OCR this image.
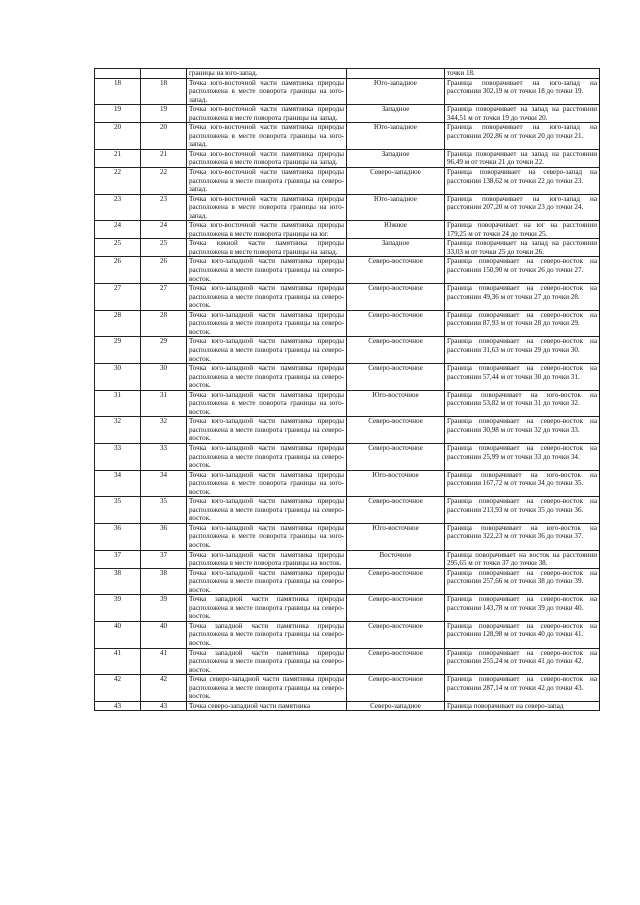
		границы на юго-запад.		точки 18.
18	18	Точка юго-восточной части памятника природы расположена в месте поворота границы на юго-запад.	Юго-западное	Граница поворачивает на юго-запад на расстоянии 302,19 м от точки 18 до точки 19.
19	19	Точка юго-восточной части памятника природы расположена в месте поворота границы на запад.	Западное	Граница поворачивает на запад на расстоянии 344,51 м от точки 19 до точки 20.
20	20	Точка юго-восточной части памятника природы расположена в месте поворота границы на юго-запад.	Юго-западное	Граница поворачивает на юго-запад на расстоянии 202,86 м от точки 20 до точки 21.
21	21	Точка юго-восточной части памятника природы расположена в месте поворота границы на запад.	Западное	Граница поворачивает на запад на расстоянии 96,49 м от точки 21 до точки 22.
22	22	Точка юго-восточной части памятника природы расположена в месте поворота границы на северо-запад.	Северо-западное	Граница поворачивает на северо-запад на расстоянии 138,62 м от точки 22 до точки 23.
23	23	Точка юго-восточной части памятника природы расположена в месте поворота границы на юго-запад.	Юго-западное	Граница поворачивает на юго-запад на расстоянии 207,20 м от точки 23 до точки 24.
24	24	Точка юго-восточной части памятника природы расположена в месте поворота границы на юг.	Южное	Граница поворачивает на юг на расстоянии 179,25 м от точки 24 до точки 25.
25	25	Точка южной части памятника природы расположена в месте поворота границы на запад.	Западное	Граница поворачивает на запад на расстоянии 33,03 м от точки 25 до точки 26.
26	26	Точка юго-западной части памятника природы расположена в месте поворота границы на северо-восток.	Северо-восточное	Граница поворачивает на северо-восток на расстоянии 150,90 м от точки 26 до точки 27.
27	27	Точка юго-западной части памятника природы расположена в месте поворота границы на северо-восток.	Северо-восточное	Граница поворачивает на северо-восток на расстоянии 49,36 м от точки 27 до точки 28.
28	28	Точка юго-западной части памятника природы расположена в месте поворота границы на северо-восток.	Северо-восточное	Граница поворачивает на северо-восток на расстоянии 87,93 м от точки 28 до точки 29.
29	29	Точка юго-западной части памятника природы расположена в месте поворота границы на северо-восток.	Северо-восточное	Граница поворачивает на северо-восток на расстоянии 31,63 м от точки 29 до точки 30.
30	30	Точка юго-западной части памятника природы расположена в месте поворота границы на северо-восток.	Северо-восточное	Граница поворачивает на северо-восток на расстоянии 57,44 м от точки 30 до точки 31.
31	31	Точка юго-западной части памятника природы расположена в месте поворота границы на юго-восток.	Юго-восточное	Граница поворачивает на юго-восток на расстоянии 53,82 м от точки 31 до точки 32.
32	32	Точка юго-западной части памятника природы расположена в месте поворота границы на северо-восток.	Северо-восточное	Граница поворачивает на северо-восток на расстоянии 30,98 м от точки 32 до точки 33.
33	33	Точка юго-западной части памятника природы расположена в месте поворота границы на северо-восток.	Северо-восточное	Граница поворачивает на северо-восток на расстоянии 25,99 м от точки 33 до точки 34.
34	34	Точка юго-западной части памятника природы расположена в месте поворота границы на юго-восток.	Юго-восточное	Граница поворачивает на юго-восток на расстоянии 167,72 м от точки 34 до точки 35.
35	35	Точка юго-западной части памятника природы расположена в месте поворота границы на северо-восток.	Северо-восточное	Граница поворачивает на северо-восток на расстоянии 213,93 м от точки 35 до точки 36.
36	36	Точка юго-западной части памятника природы расположена в месте поворота границы на юго-восток.	Юго-восточное	Граница поворачивает на юго-восток на расстоянии 322,23 м от точки 36 до точки 37.
37	37	Точка юго-западной части памятника природы расположена в месте поворота границы на восток.	Восточное	Граница поворачивает на восток на расстоянии 295,65 м от точки 37 до точки 38.
38	38	Точка юго-западной части памятника природы расположена в месте поворота границы на северо-восток.	Северо-восточное	Граница поворачивает на северо-восток на расстоянии 257,66 м от точки 38 до точки 39.
39	39	Точка западной части памятника природы расположена в месте поворота границы на северо-восток.	Северо-восточное	Граница поворачивает на северо-восток на расстоянии 143,78 м от точки 39 до точки 40.
40	40	Точка западной части памятника природы расположена в месте поворота границы на северо-восток.	Северо-восточное	Граница поворачивает на северо-восток на расстоянии 128,98 м от точки 40 до точки 41.
41	41	Точка западной части памятника природы расположена в месте поворота границы на северо-восток.	Северо-восточное	Граница поворачивает на северо-восток на расстоянии 255,24 м от точки 41 до точки 42.
42	42	Точка северо-западной части памятника природы расположена в месте поворота границы на северо-восток.	Северо-восточное	Граница поворачивает на северо-восток на расстоянии 287,14 м от точки 42 до точки 43.
43	43	Точка северо-западной части памятника	Северо-западное	Граница поворачивает на северо-запад
